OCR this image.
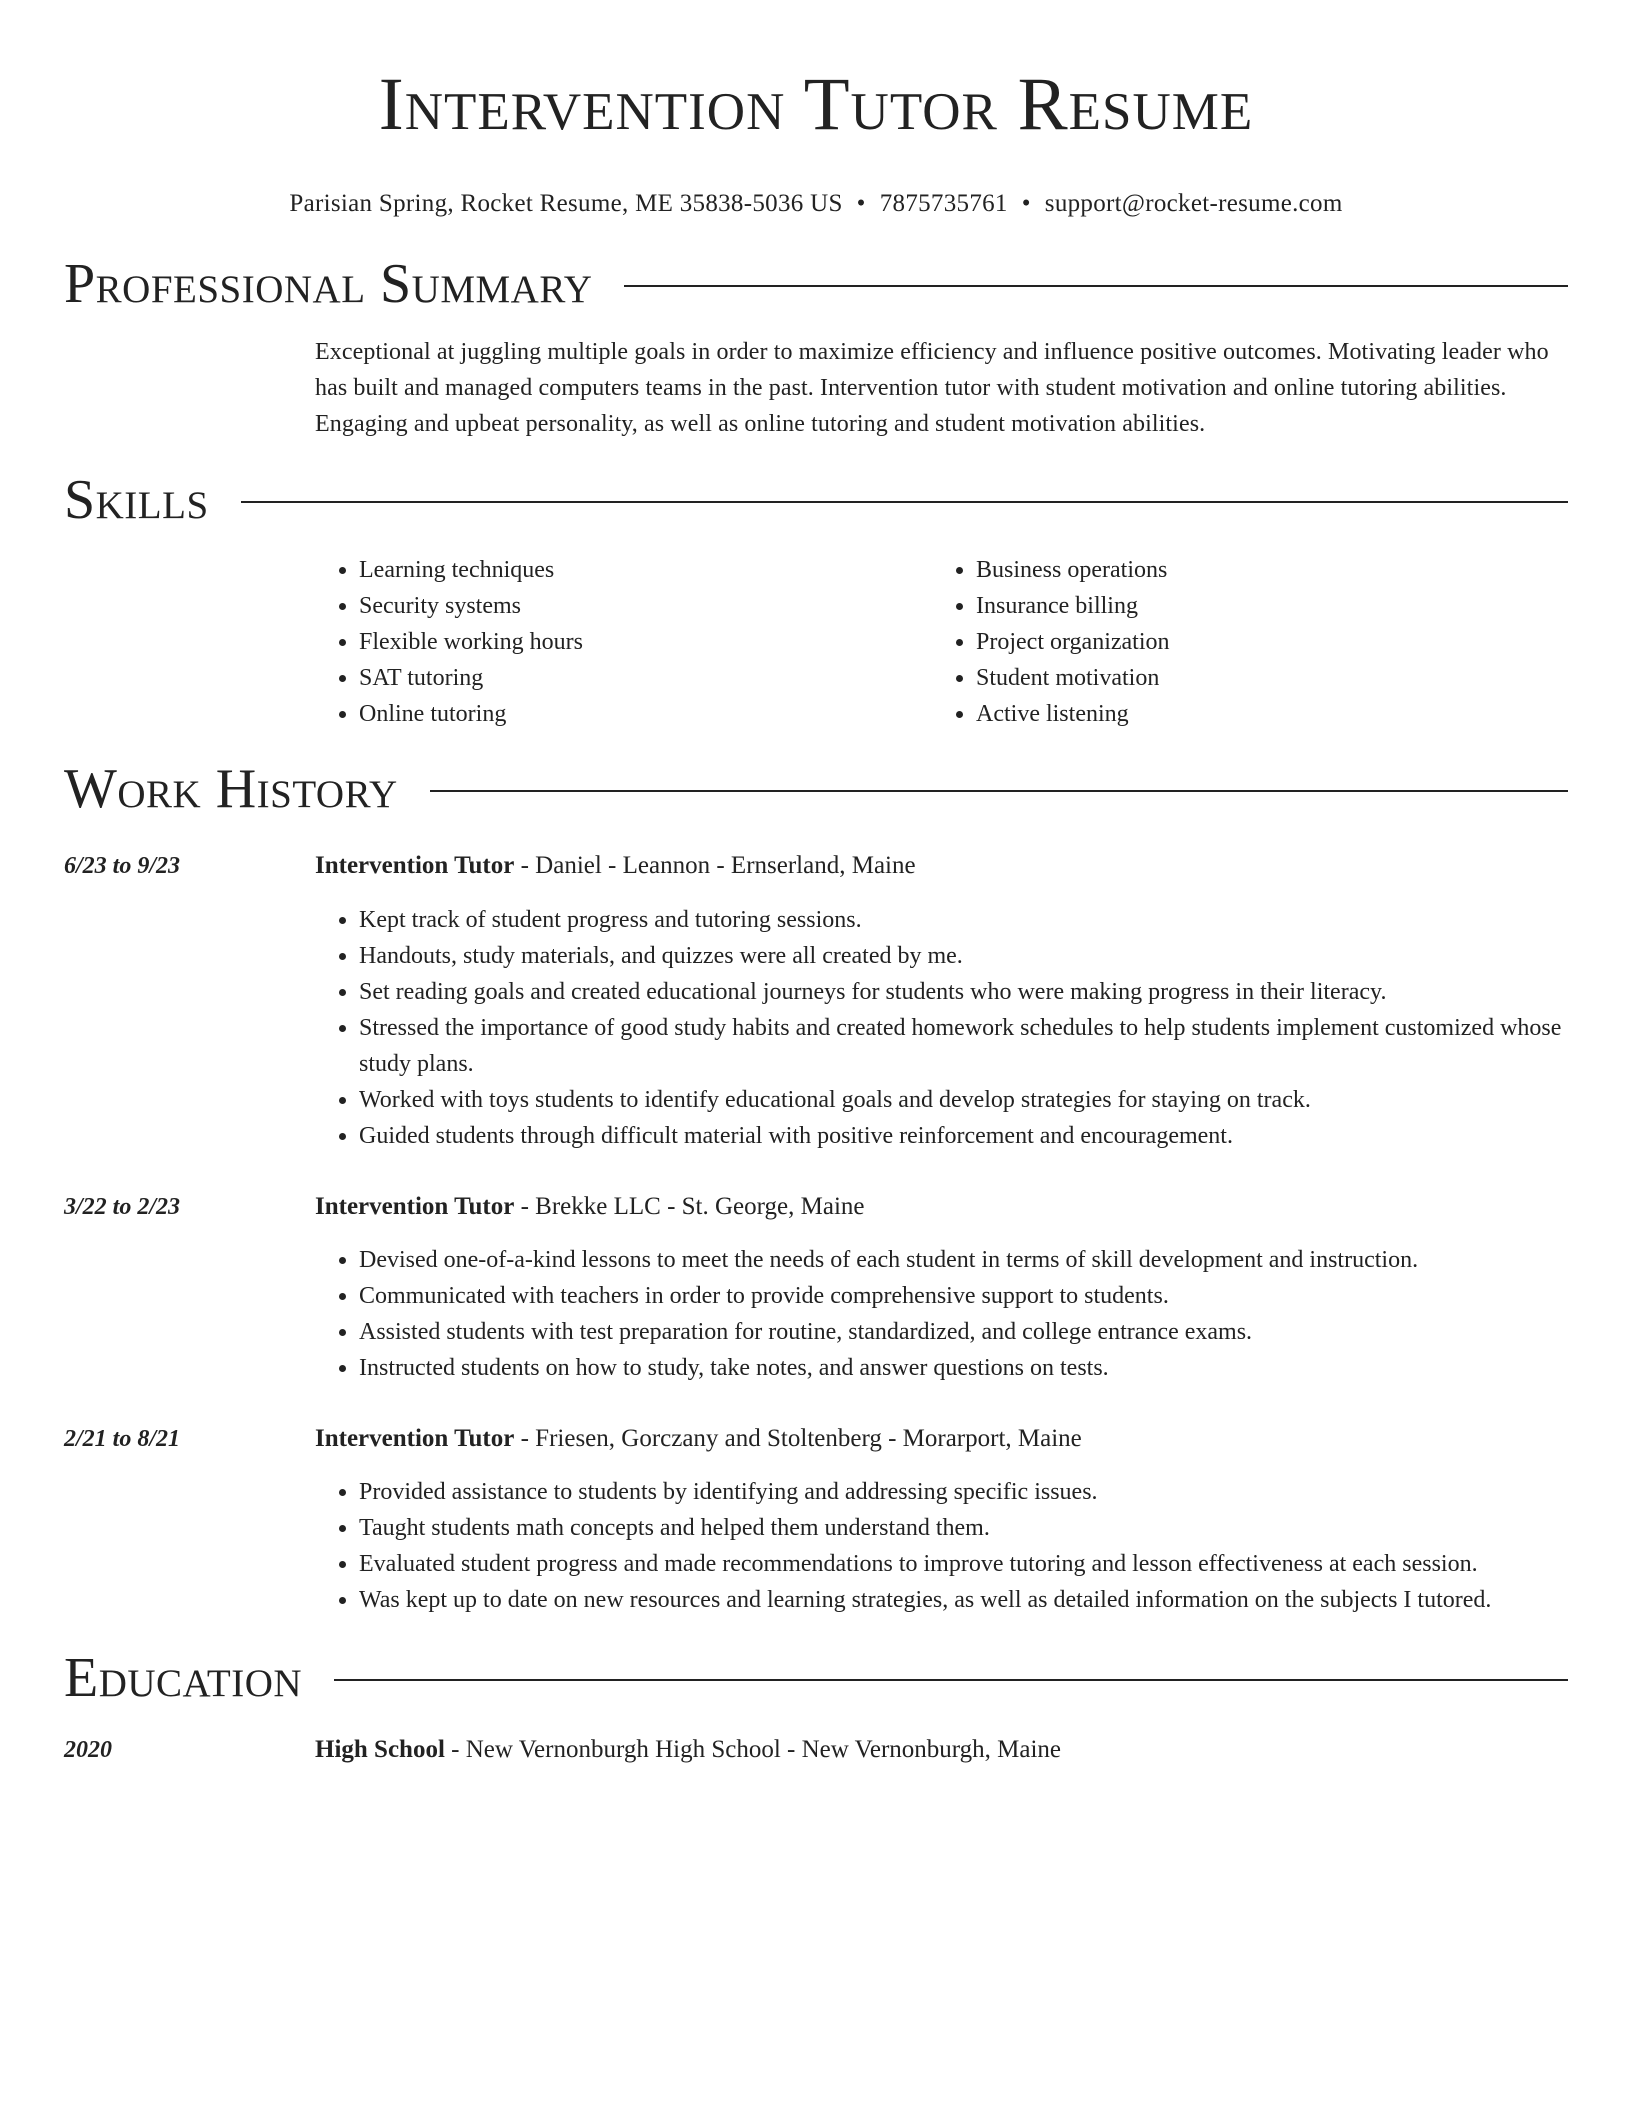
Intervention Tutor Resume
Parisian Spring, Rocket Resume, ME 35838-5036 US • 7875735761 • support@rocket-resume.com
Professional Summary
Exceptional at juggling multiple goals in order to maximize efficiency and influence positive outcomes. Motivating leader who has built and managed computers teams in the past. Intervention tutor with student motivation and online tutoring abilities. Engaging and upbeat personality, as well as online tutoring and student motivation abilities.
Skills
• Learning techniques
• Security systems
• Flexible working hours
• SAT tutoring
• Online tutoring
• Business operations
• Insurance billing
• Project organization
• Student motivation
• Active listening
Work History
6/23 to 9/23	Intervention Tutor - Daniel - Leannon - Ernserland, Maine
• Kept track of student progress and tutoring sessions.
• Handouts, study materials, and quizzes were all created by me.
• Set reading goals and created educational journeys for students who were making progress in their literacy.
• Stressed the importance of good study habits and created homework schedules to help students implement customized whose study plans.
• Worked with toys students to identify educational goals and develop strategies for staying on track.
• Guided students through difficult material with positive reinforcement and encouragement.
3/22 to 2/23	Intervention Tutor - Brekke LLC - St. George, Maine
• Devised one-of-a-kind lessons to meet the needs of each student in terms of skill development and instruction.
• Communicated with teachers in order to provide comprehensive support to students.
• Assisted students with test preparation for routine, standardized, and college entrance exams.
• Instructed students on how to study, take notes, and answer questions on tests.
2/21 to 8/21	Intervention Tutor - Friesen, Gorczany and Stoltenberg - Morarport, Maine
• Provided assistance to students by identifying and addressing specific issues.
• Taught students math concepts and helped them understand them.
• Evaluated student progress and made recommendations to improve tutoring and lesson effectiveness at each session.
• Was kept up to date on new resources and learning strategies, as well as detailed information on the subjects I tutored.
Education
2020	High School - New Vernonburgh High School - New Vernonburgh, Maine
